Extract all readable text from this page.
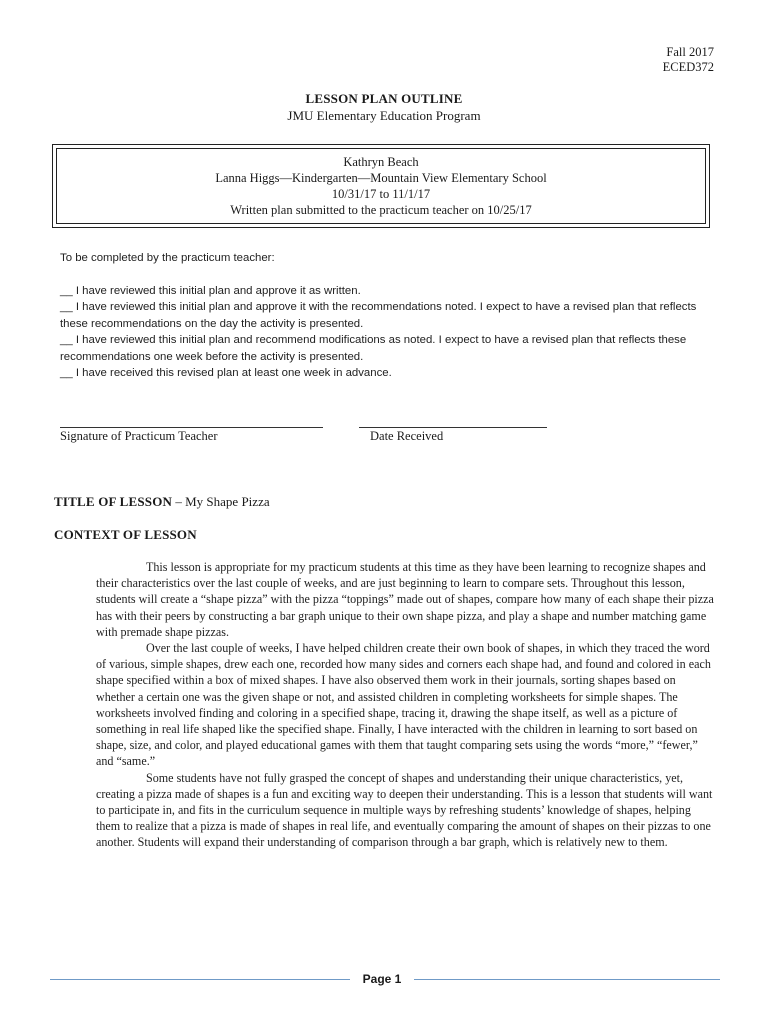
Fall 2017
ECED372
LESSON PLAN OUTLINE
JMU Elementary Education Program
Kathryn Beach
Lanna Higgs—Kindergarten—Mountain View Elementary School
10/31/17 to 11/1/17
Written plan submitted to the practicum teacher on 10/25/17

To be completed by the practicum teacher:

__ I have reviewed this initial plan and approve it as written.

__ I have reviewed this initial plan and approve it with the recommendations noted. I expect to have a revised plan that reflects these recommendations on the day the activity is presented.

__ I have reviewed this initial plan and recommend modifications as noted. I expect to have a revised plan that reflects these recommendations one week before the activity is presented.

__ I have received this revised plan at least one week in advance.

Signature of Practicum Teacher	Date Received
TITLE OF LESSON – My Shape Pizza
CONTEXT OF LESSON

This lesson is appropriate for my practicum students at this time as they have been learning to recognize shapes and their characteristics over the last couple of weeks, and are just beginning to learn to compare sets. Throughout this lesson, students will create a “shape pizza” with the pizza “toppings” made out of shapes, compare how many of each shape their pizza has with their peers by constructing a bar graph unique to their own shape pizza, and play a shape and number matching game with premade shape pizzas.

Over the last couple of weeks, I have helped children create their own book of shapes, in which they traced the word of various, simple shapes, drew each one, recorded how many sides and corners each shape had, and found and colored in each shape specified within a box of mixed shapes. I have also observed them work in their journals, sorting shapes based on whether a certain one was the given shape or not, and assisted children in completing worksheets for simple shapes. The worksheets involved finding and coloring in a specified shape, tracing it, drawing the shape itself, as well as a picture of something in real life shaped like the specified shape. Finally, I have interacted with the children in learning to sort based on shape, size, and color, and played educational games with them that taught comparing sets using the words “more,” “fewer,” and “same.”

Some students have not fully grasped the concept of shapes and understanding their unique characteristics, yet, creating a pizza made of shapes is a fun and exciting way to deepen their understanding. This is a lesson that students will want to participate in, and fits in the curriculum sequence in multiple ways by refreshing students’ knowledge of shapes, helping them to realize that a pizza is made of shapes in real life, and eventually comparing the amount of shapes on their pizzas to one another. Students will expand their understanding of comparison through a bar graph, which is relatively new to them.

Page 1
